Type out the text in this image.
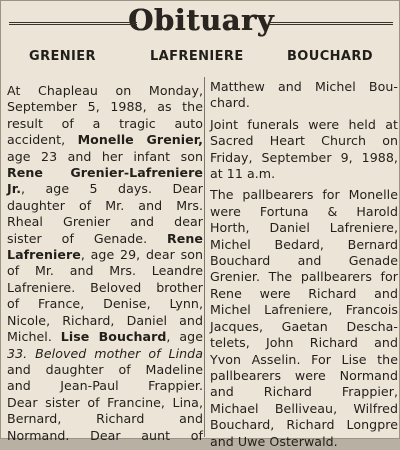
Obituary
GRENIER	LAFRENIERE	BOUCHARD
At Chapleau on Monday,
September 5, 1988, as the
result of a tragic auto
accident, Monelle Grenier,
age 23 and her infant son
Rene Grenier-Lafreniere
Jr., age 5 days. Dear
daughter of Mr. and Mrs.
Rheal Grenier and dear
sister of Genade. Rene
Lafreniere, age 29, dear son
of Mr. and Mrs. Leandre
Lafreniere. Beloved brother
of France, Denise, Lynn,
Nicole, Richard, Daniel and
Michel. Lise Bouchard, age
33. Beloved mother of Linda
and daughter of Madeline
and Jean-Paul Frappier.
Dear sister of Francine, Lina,
Bernard, Richard and
Normand. Dear aunt of
Matthew and Michel Bou-
chard.
Joint funerals were held at
Sacred Heart Church on
Friday, September 9, 1988,
at 11 a.m.
The pallbearers for Monelle
were Fortuna & Harold
Horth, Daniel Lafreniere,
Michel Bedard, Bernard
Bouchard and Genade
Grenier. The pallbearers for
Rene were Richard and
Michel Lafreniere, Francois
Jacques, Gaetan Descha-
telets, John Richard and
Yvon Asselin. For Lise the
pallbearers were Normand
and Richard Frappier,
Michael Belliveau, Wilfred
Bouchard, Richard Longpre
and Uwe Osterwald.
